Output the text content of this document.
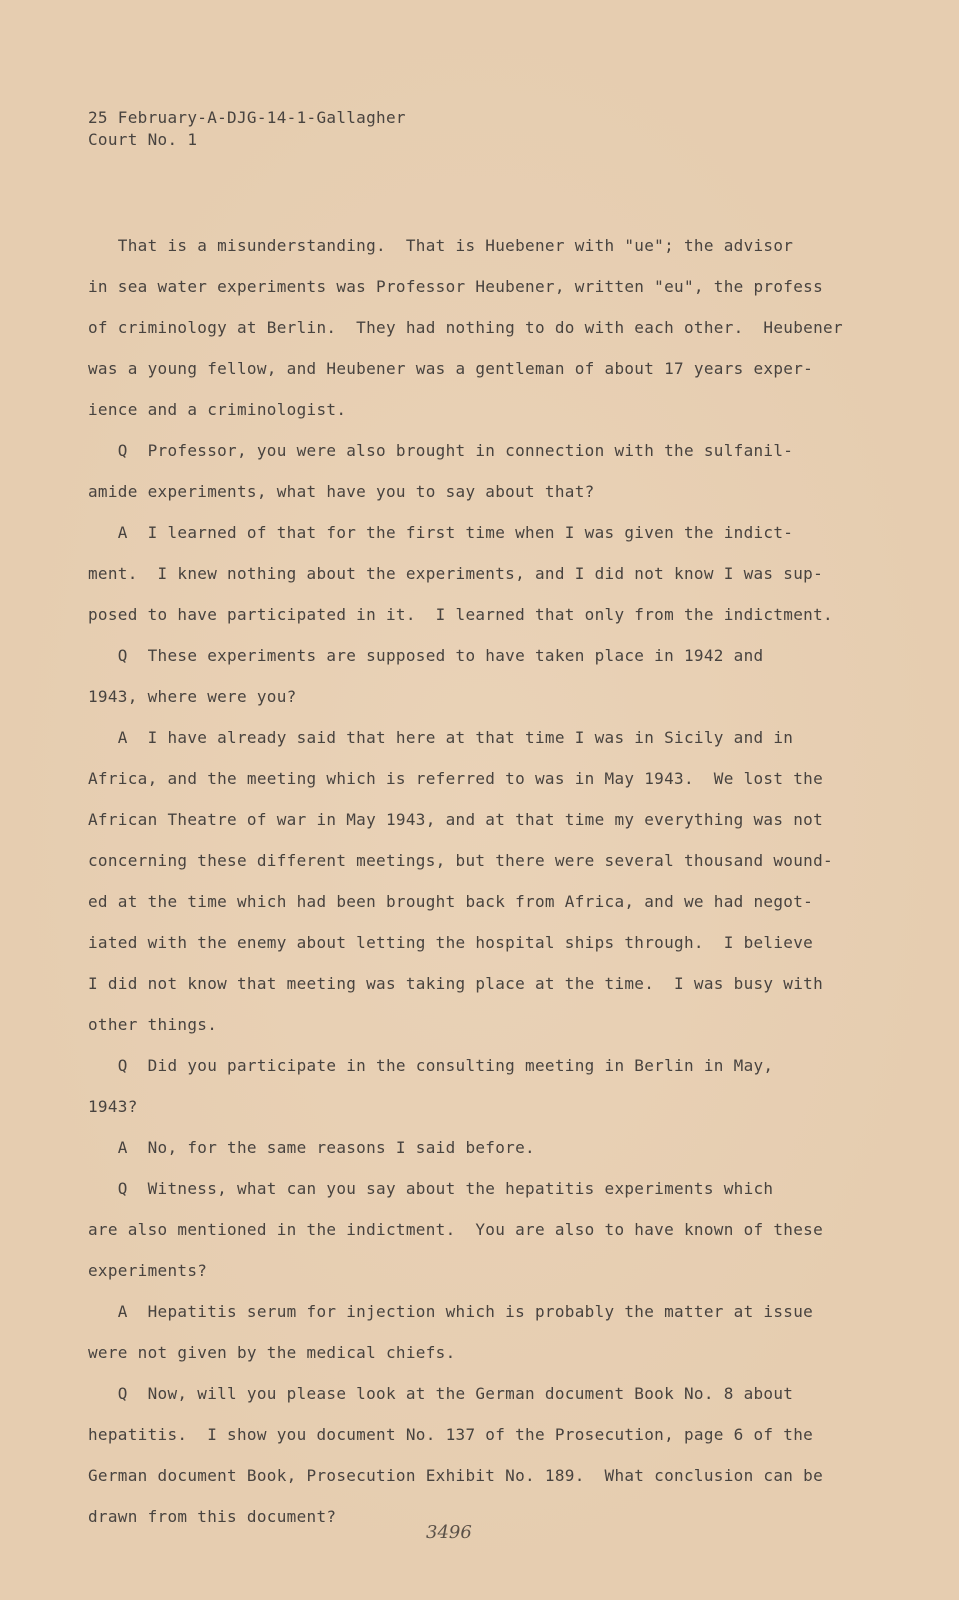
25 February-A-DJG-14-1-Gallagher
Court No. 1
That is a misunderstanding.  That is Huebener with "ue"; the advisor
in sea water experiments was Professor Heubener, written "eu", the profess
of criminology at Berlin.  They had nothing to do with each other.  Heubener
was a young fellow, and Heubener was a gentleman of about 17 years exper-
ience and a criminologist.
Q  Professor, you were also brought in connection with the sulfanil-
amide experiments, what have you to say about that?
A  I learned of that for the first time when I was given the indict-
ment.  I knew nothing about the experiments, and I did not know I was sup-
posed to have participated in it.  I learned that only from the indictment.
Q  These experiments are supposed to have taken place in 1942 and
1943, where were you?
A  I have already said that here at that time I was in Sicily and in
Africa, and the meeting which is referred to was in May 1943.  We lost the
African Theatre of war in May 1943, and at that time my everything was not
concerning these different meetings, but there were several thousand wound-
ed at the time which had been brought back from Africa, and we had negot-
iated with the enemy about letting the hospital ships through.  I believe
I did not know that meeting was taking place at the time.  I was busy with
other things.
Q  Did you participate in the consulting meeting in Berlin in May,
1943?
A  No, for the same reasons I said before.
Q  Witness, what can you say about the hepatitis experiments which
are also mentioned in the indictment.  You are also to have known of these
experiments?
A  Hepatitis serum for injection which is probably the matter at issue
were not given by the medical chiefs.
Q  Now, will you please look at the German document Book No. 8 about
hepatitis.  I show you document No. 137 of the Prosecution, page 6 of the
German document Book, Prosecution Exhibit No. 189.  What conclusion can be
drawn from this document?
3496
